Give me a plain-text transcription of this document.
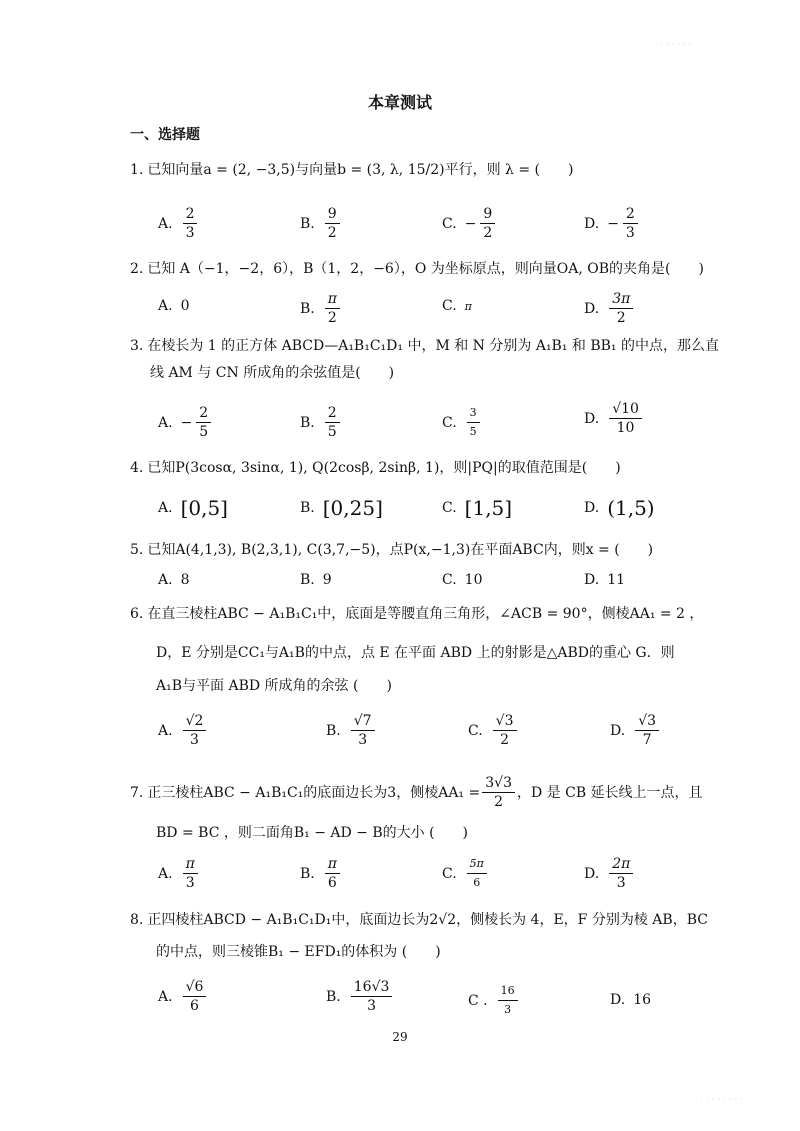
本章测试
一、选择题
1. 已知向量a = (2, −3,5)与向量b = (3, λ, 15/2)平行，则 λ = (　　)
A. $\frac{2}{3}$	B. $\frac{9}{2}$	C. − $\frac{9}{2}$	D. − $\frac{2}{3}$
2. 已知 A（−1，−2，6），B（1，2，−6），O 为坐标原点，则向量OA, OB的夹角是(　　)
A. 0	B. $\frac{\pi}{2}$	C. π	D. $\frac{3\pi}{2}$
3. 在棱长为 1 的正方体 ABCD—A₁B₁C₁D₁ 中，M 和 N 分别为 A₁B₁ 和 BB₁ 的中点，那么直
线 AM 与 CN 所成角的余弦值是(　　)
A. − $\frac{2}{5}$	B. $\frac{2}{5}$	C. $\frac{3}{5}$	D. $\frac{√10}{10}$
4. 已知P(3cosα, 3sinα, 1), Q(2cosβ, 2sinβ, 1)，则|PQ|的取值范围是(　　)
A. [0,5]	B. [0,25]	C. [1,5]	D. (1,5)
5. 已知A(4,1,3), B(2,3,1), C(3,7,−5)，点P(x,−1,3)在平面ABC内，则x = (　　)
A. 8	B. 9	C. 10	D. 11
6. 在直三棱柱ABC − A₁B₁C₁中，底面是等腰直角三角形，∠ACB = 90°，侧棱AA₁ = 2 ，
D，E 分别是CC₁与A₁B的中点，点 E 在平面 ABD 上的射影是△ABD的重心 G．则
A₁B与平面 ABD 所成角的余弦 (　　)
A. $\frac{√2}{3}$	B. $\frac{√7}{3}$	C. $\frac{√3}{2}$	D. $\frac{√3}{7}$
7. 正三棱柱ABC − A₁B₁C₁的底面边长为3，侧棱$AA_1 = \frac{3√3}{2}$ ，D 是 CB 延长线上一点，且
BD = BC ，则二面角B₁ − AD − B的大小 (　　)
A. $\frac{\pi}{3}$	B. $\frac{\pi}{6}$	C. $\frac{5\pi}{6}$	D. $\frac{2\pi}{3}$
8. 正四棱柱ABCD − A₁B₁C₁D₁中，底面边长为2√2，侧棱长为 4，E，F 分别为棱 AB，BC
的中点，则三棱锥B₁ − EFD₁的体积为 (　　)
A. $\frac{√6}{6}$	B. $\frac{16√3}{3}$	C . $\frac{16}{3}$	D. 16
29
· · · · · ·
· · · · · · · ·
